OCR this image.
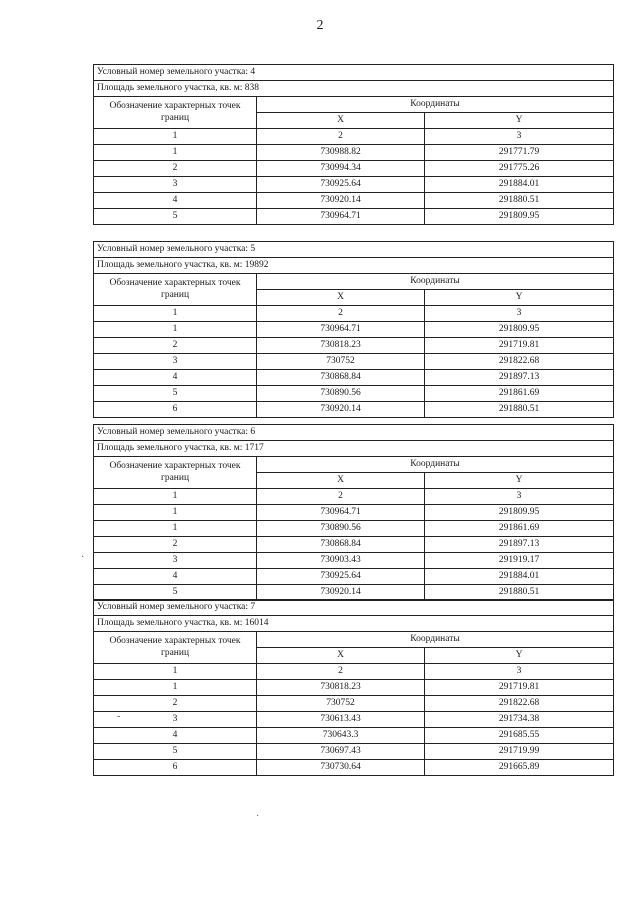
2
Условный номер земельного участка: 4		
Площадь земельного участка, кв. м: 838		
Обозначение характерных точек границ	Координаты	
	X	Y
1	2	3
1	730988.82	291771.79
2	730994.34	291775.26
3	730925.64	291884.01
4	730920.14	291880.51
5	730964.71	291809.95
Условный номер земельного участка: 5		
Площадь земельного участка, кв. м: 19892		
Обозначение характерных точек границ	Координаты	
	X	Y
1	2	3
1	730964.71	291809.95
2	730818.23	291719.81
3	730752	291822.68
4	730868.84	291897.13
5	730890.56	291861.69
6	730920.14	291880.51
Условный номер земельного участка: 6		
Площадь земельного участка, кв. м: 1717		
Обозначение характерных точек границ	Координаты	
	X	Y
1	2	3
1	730964.71	291809.95
1	730890.56	291861.69
2	730868.84	291897.13
3	730903.43	291919.17
4	730925.64	291884.01
5	730920.14	291880.51
Условный номер земельного участка: 7		
Площадь земельного участка, кв. м: 16014		
Обозначение характерных точек границ	Координаты	
	X	Y
1	2	3
1	730818.23	291719.81
2	730752	291822.68
3	730613.43	291734.38
4	730643.3	291685.55
5	730697.43	291719.99
6	730730.64	291665.89
·
-
·
